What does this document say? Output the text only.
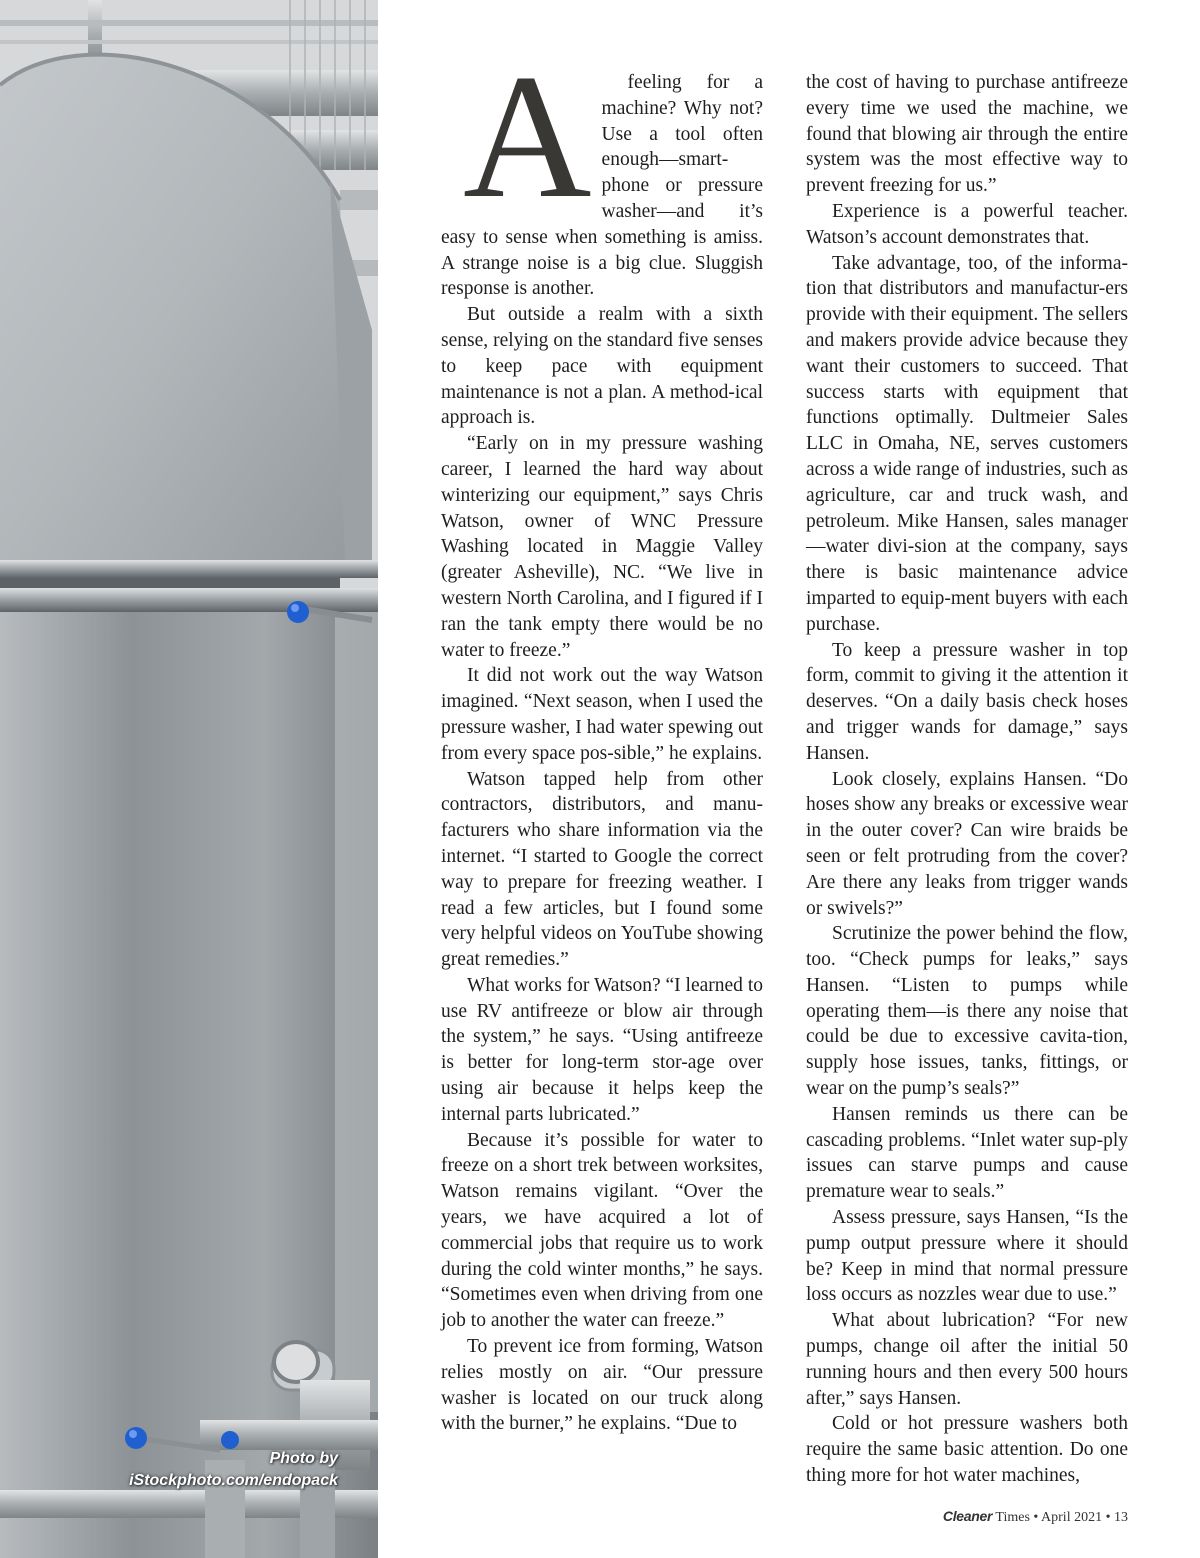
Photo by
iStockphoto.com/endopack

A feeling for a machine? Why not? Use a tool often enough—smart-phone or pressure washer—and it’s easy to sense when something is amiss. A strange noise is a big clue. Sluggish response is another.

But outside a realm with a sixth sense, relying on the standard five senses to keep pace with equipment maintenance is not a plan. A method-ical approach is.

“Early on in my pressure washing career, I learned the hard way about winterizing our equipment,” says Chris Watson, owner of WNC Pressure Washing located in Maggie Valley (greater Asheville), NC. “We live in western North Carolina, and I figured if I ran the tank empty there would be no water to freeze.”

It did not work out the way Watson imagined. “Next season, when I used the pressure washer, I had water spewing out from every space pos-sible,” he explains.

Watson tapped help from other contractors, distributors, and manu-facturers who share information via the internet. “I started to Google the correct way to prepare for freezing weather. I read a few articles, but I found some very helpful videos on YouTube showing great remedies.”

What works for Watson? “I learned to use RV antifreeze or blow air through the system,” he says. “Using antifreeze is better for long-term stor-age over using air because it helps keep the internal parts lubricated.”

Because it’s possible for water to freeze on a short trek between worksites, Watson remains vigilant. “Over the years, we have acquired a lot of commercial jobs that require us to work during the cold winter months,” he says. “Sometimes even when driving from one job to another the water can freeze.”

To prevent ice from forming, Watson relies mostly on air. “Our pressure washer is located on our truck along with the burner,” he explains. “Due to

the cost of having to purchase antifreeze every time we used the machine, we found that blowing air through the entire system was the most effective way to prevent freezing for us.”

Experience is a powerful teacher. Watson’s account demonstrates that.

Take advantage, too, of the informa-tion that distributors and manufactur-ers provide with their equipment. The sellers and makers provide advice because they want their customers to succeed. That success starts with equipment that functions optimally. Dultmeier Sales LLC in Omaha, NE, serves customers across a wide range of industries, such as agriculture, car and truck wash, and petroleum. Mike Hansen, sales manager—water divi-sion at the company, says there is basic maintenance advice imparted to equip-ment buyers with each purchase.

To keep a pressure washer in top form, commit to giving it the attention it deserves. “On a daily basis check hoses and trigger wands for damage,” says Hansen.

Look closely, explains Hansen. “Do hoses show any breaks or excessive wear in the outer cover? Can wire braids be seen or felt protruding from the cover? Are there any leaks from trigger wands or swivels?”

Scrutinize the power behind the flow, too. “Check pumps for leaks,” says Hansen. “Listen to pumps while operating them—is there any noise that could be due to excessive cavita-tion, supply hose issues, tanks, fittings, or wear on the pump’s seals?”

Hansen reminds us there can be cascading problems. “Inlet water sup-ply issues can starve pumps and cause premature wear to seals.”

Assess pressure, says Hansen, “Is the pump output pressure where it should be? Keep in mind that normal pressure loss occurs as nozzles wear due to use.”

What about lubrication? “For new pumps, change oil after the initial 50 running hours and then every 500 hours after,” says Hansen.

Cold or hot pressure washers both require the same basic attention. Do one thing more for hot water machines,

Cleaner Times • April 2021 • 13
